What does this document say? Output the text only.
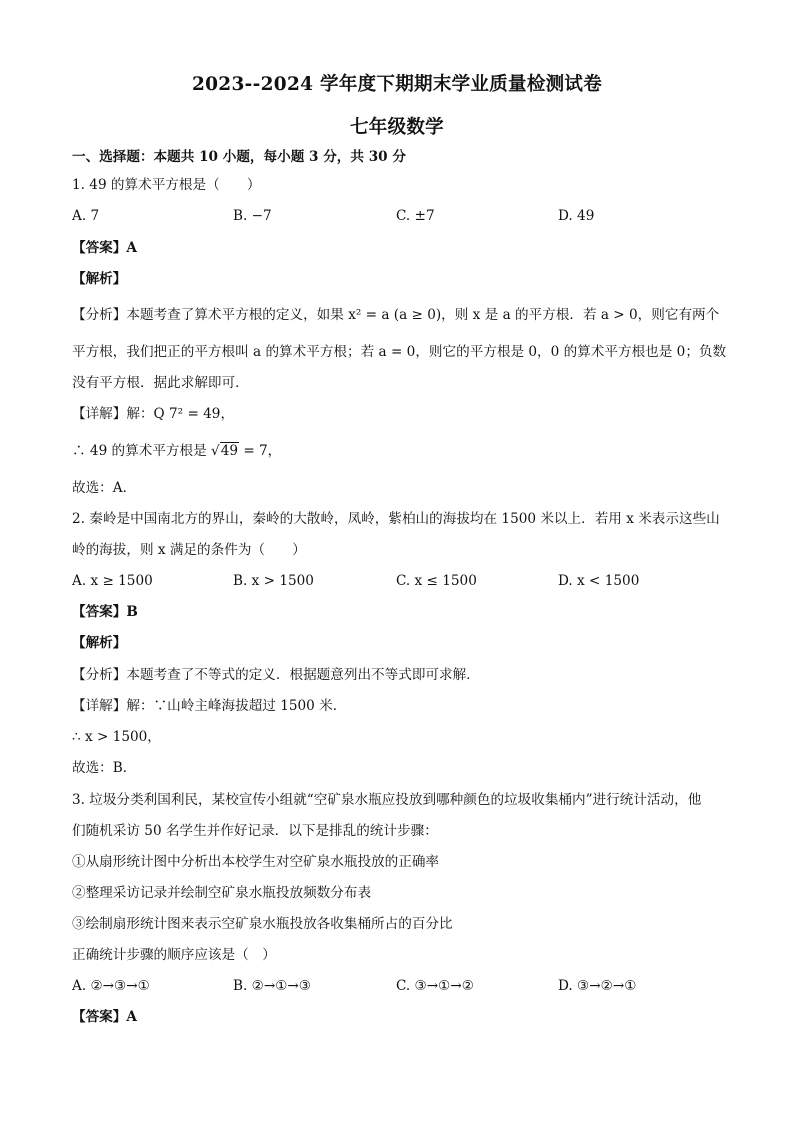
2023--2024 学年度下期期末学业质量检测试卷
七年级数学
一、选择题：本题共 10 小题，每小题 3 分，共 30 分
1. 49 的算术平方根是（　　）
A. 7	B. −7	C. ±7	D. 49
【答案】A
【解析】
【分析】本题考查了算术平方根的定义，如果 x² = a (a ≥ 0)，则 x 是 a 的平方根．若 a > 0，则它有两个
平方根，我们把正的平方根叫 a 的算术平方根；若 a = 0，则它的平方根是 0，0 的算术平方根也是 0；负数
没有平方根．据此求解即可．
【详解】解：Q 7² = 49，
∴ 49 的算术平方根是 √49 = 7，
故选：A．
2. 秦岭是中国南北方的界山，秦岭的大散岭，凤岭，紫柏山的海拔均在 1500 米以上．若用 x 米表示这些山
岭的海拔，则 x 满足的条件为（　　）
A. x ≥ 1500	B. x > 1500	C. x ≤ 1500	D. x < 1500
【答案】B
【解析】
【分析】本题考查了不等式的定义．根据题意列出不等式即可求解．
【详解】解：∵山岭主峰海拔超过 1500 米．
∴ x > 1500，
故选：B．
3. 垃圾分类利国利民，某校宣传小组就“空矿泉水瓶应投放到哪种颜色的垃圾收集桶内”进行统计活动，他
们随机采访 50 名学生并作好记录．以下是排乱的统计步骤：
①从扇形统计图中分析出本校学生对空矿泉水瓶投放的正确率
②整理采访记录并绘制空矿泉水瓶投放频数分布表
③绘制扇形统计图来表示空矿泉水瓶投放各收集桶所占的百分比
正确统计步骤的顺序应该是（　）
A. ②→③→①	B. ②→①→③	C. ③→①→②	D. ③→②→①
【答案】A
